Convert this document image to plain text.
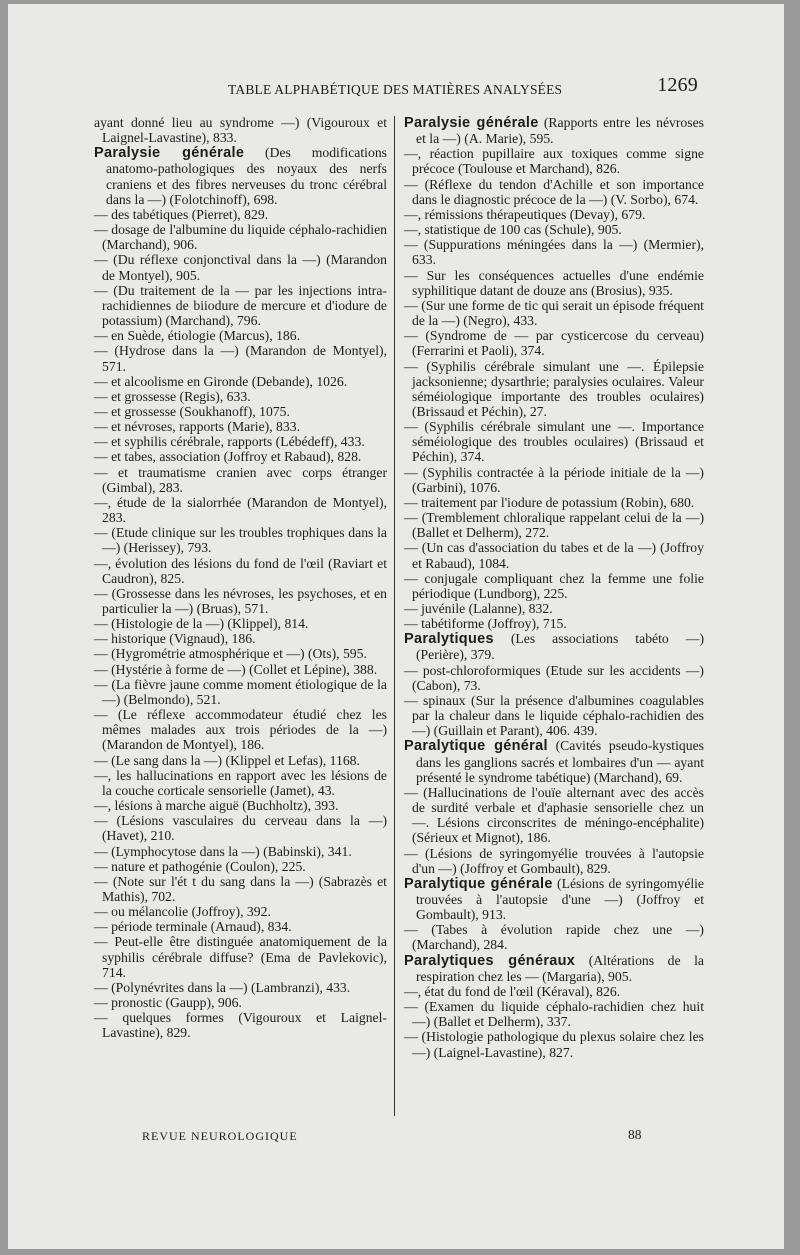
TABLE ALPHABÉTIQUE DES MATIÈRES ANALYSÉES	1269

ayant donné lieu au syndrome —) (Vigouroux et Laignel-Lavastine), 833.

Paralysie générale (Des modifications anatomo-pathologiques des noyaux des nerfs craniens et des fibres nerveuses du tronc cérébral dans la —) (Folotchinoff), 698.

— des tabétiques (Pierret), 829.

— dosage de l'albumine du liquide céphalo-rachidien (Marchand), 906.

— (Du réflexe conjonctival dans la —) (Marandon de Montyel), 905.

— (Du traitement de la — par les injections intra-rachidiennes de biiodure de mercure et d'iodure de potassium) (Marchand), 796.

— en Suède, étiologie (Marcus), 186.

— (Hydrose dans la —) (Marandon de Montyel), 571.

— et alcoolisme en Gironde (Debande), 1026.

— et grossesse (Regis), 633.

— et grossesse (Soukhanoff), 1075.

— et névroses, rapports (Marie), 833.

— et syphilis cérébrale, rapports (Lébédeff), 433.

— et tabes, association (Joffroy et Rabaud), 828.

— et traumatisme cranien avec corps étranger (Gimbal), 283.

—, étude de la sialorrhée (Marandon de Montyel), 283.

— (Etude clinique sur les troubles trophiques dans la —) (Herissey), 793.

—, évolution des lésions du fond de l'œil (Raviart et Caudron), 825.

— (Grossesse dans les névroses, les psychoses, et en particulier la —) (Bruas), 571.

— (Histologie de la —) (Klippel), 814.

— historique (Vignaud), 186.

— (Hygrométrie atmosphérique et —) (Ots), 595.

— (Hystérie à forme de —) (Collet et Lépine), 388.

— (La fièvre jaune comme moment étiologique de la —) (Belmondo), 521.

— (Le réflexe accommodateur étudié chez les mêmes malades aux trois périodes de la —) (Marandon de Montyel), 186.

— (Le sang dans la —) (Klippel et Lefas), 1168.

—, les hallucinations en rapport avec les lésions de la couche corticale sensorielle (Jamet), 43.

—, lésions à marche aiguë (Buchholtz), 393.

— (Lésions vasculaires du cerveau dans la —) (Havet), 210.

— (Lymphocytose dans la —) (Babinski), 341.

— nature et pathogénie (Coulon), 225.

— (Note sur l'ét t du sang dans la —) (Sabrazès et Mathis), 702.

— ou mélancolie (Joffroy), 392.

— période terminale (Arnaud), 834.

— Peut-elle être distinguée anatomiquement de la syphilis cérébrale diffuse? (Ema de Pavlekovic), 714.

— (Polynévrites dans la —) (Lambranzi), 433.

— pronostic (Gaupp), 906.

— quelques formes (Vigouroux et Laignel-Lavastine), 829.

Paralysie générale (Rapports entre les névroses et la —) (A. Marie), 595.

—, réaction pupillaire aux toxiques comme signe précoce (Toulouse et Marchand), 826.

— (Réflexe du tendon d'Achille et son importance dans le diagnostic précoce de la —) (V. Sorbo), 674.

—, rémissions thérapeutiques (Devay), 679.

—, statistique de 100 cas (Schule), 905.

— (Suppurations méningées dans la —) (Mermier), 633.

— Sur les conséquences actuelles d'une endémie syphilitique datant de douze ans (Brosius), 935.

— (Sur une forme de tic qui serait un épisode fréquent de la —) (Negro), 433.

— (Syndrome de — par cysticercose du cerveau) (Ferrarini et Paoli), 374.

— (Syphilis cérébrale simulant une —. Épilepsie jacksonienne; dysarthrie; paralysies oculaires. Valeur séméiologique importante des troubles oculaires) (Brissaud et Péchin), 27.

— (Syphilis cérébrale simulant une —. Importance séméiologique des troubles oculaires) (Brissaud et Péchin), 374.

— (Syphilis contractée à la période initiale de la —) (Garbini), 1076.

— traitement par l'iodure de potassium (Robin), 680.

— (Tremblement chloralique rappelant celui de la —) (Ballet et Delherm), 272.

— (Un cas d'association du tabes et de la —) (Joffroy et Rabaud), 1084.

— conjugale compliquant chez la femme une folie périodique (Lundborg), 225.

— juvénile (Lalanne), 832.

— tabétiforme (Joffroy), 715.

Paralytiques (Les associations tabéto —) (Perière), 379.

— post-chloroformiques (Etude sur les accidents —) (Cabon), 73.

— spinaux (Sur la présence d'albumines coagulables par la chaleur dans le liquide céphalo-rachidien des—) (Guillain et Parant), 406. 439.

Paralytique général (Cavités pseudo-kystiques dans les ganglions sacrés et lombaires d'un — ayant présenté le syndrome tabétique) (Marchand), 69.

— (Hallucinations de l'ouïe alternant avec des accès de surdité verbale et d'aphasie sensorielle chez un —. Lésions circonscrites de méningo-encéphalite) (Sérieux et Mignot), 186.

— (Lésions de syringomyélie trouvées à l'autopsie d'un —) (Joffroy et Gombault), 829.

Paralytique générale (Lésions de syringomyélie trouvées à l'autopsie d'une —) (Joffroy et Gombault), 913.

— (Tabes à évolution rapide chez une —) (Marchand), 284.

Paralytiques généraux (Altérations de la respiration chez les — (Margaria), 905.

—, état du fond de l'œil (Kéraval), 826.

— (Examen du liquide céphalo-rachidien chez huit —) (Ballet et Delherm), 337.

— (Histologie pathologique du plexus solaire chez les —) (Laignel-Lavastine), 827.

REVUE NEUROLOGIQUE	88
